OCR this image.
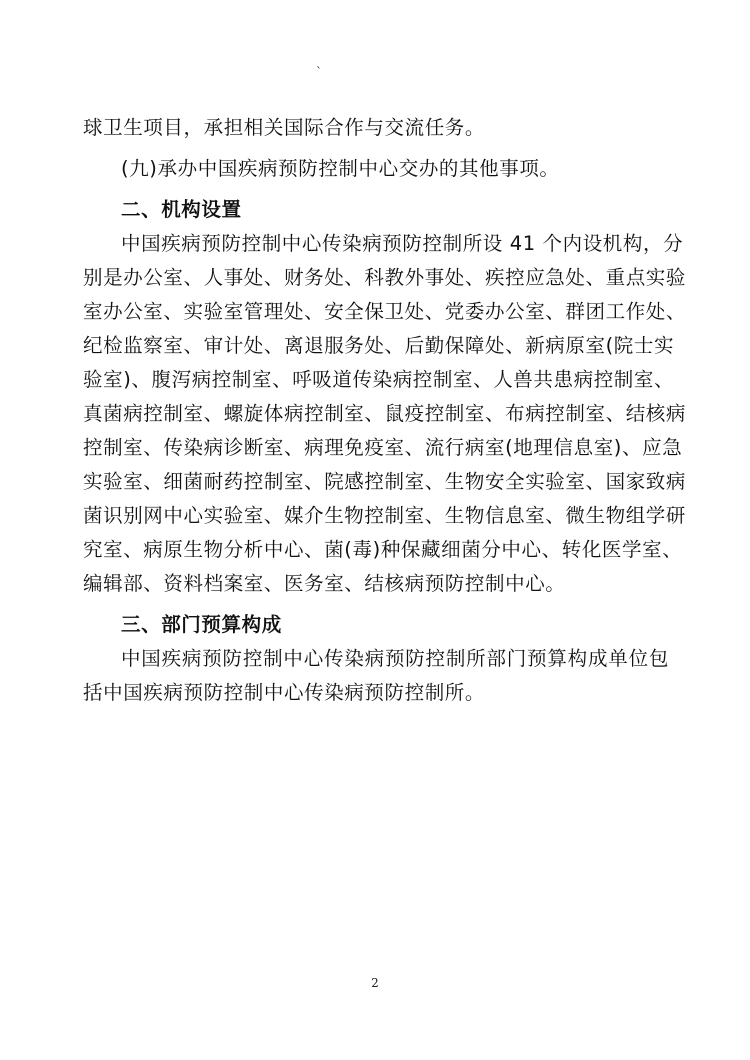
`
球卫生项目，承担相关国际合作与交流任务。
(九)承办中国疾病预防控制中心交办的其他事项。
二、机构设置
中国疾病预防控制中心传染病预防控制所设 41 个内设机构，分
别是办公室、人事处、财务处、科教外事处、疾控应急处、重点实验
室办公室、实验室管理处、安全保卫处、党委办公室、群团工作处、
纪检监察室、审计处、离退服务处、后勤保障处、新病原室(院士实
验室)、腹泻病控制室、呼吸道传染病控制室、人兽共患病控制室、
真菌病控制室、螺旋体病控制室、鼠疫控制室、布病控制室、结核病
控制室、传染病诊断室、病理免疫室、流行病室(地理信息室)、应急
实验室、细菌耐药控制室、院感控制室、生物安全实验室、国家致病
菌识别网中心实验室、媒介生物控制室、生物信息室、微生物组学研
究室、病原生物分析中心、菌(毒)种保藏细菌分中心、转化医学室、
编辑部、资料档案室、医务室、结核病预防控制中心。
三、部门预算构成
中国疾病预防控制中心传染病预防控制所部门预算构成单位包
括中国疾病预防控制中心传染病预防控制所。
2
